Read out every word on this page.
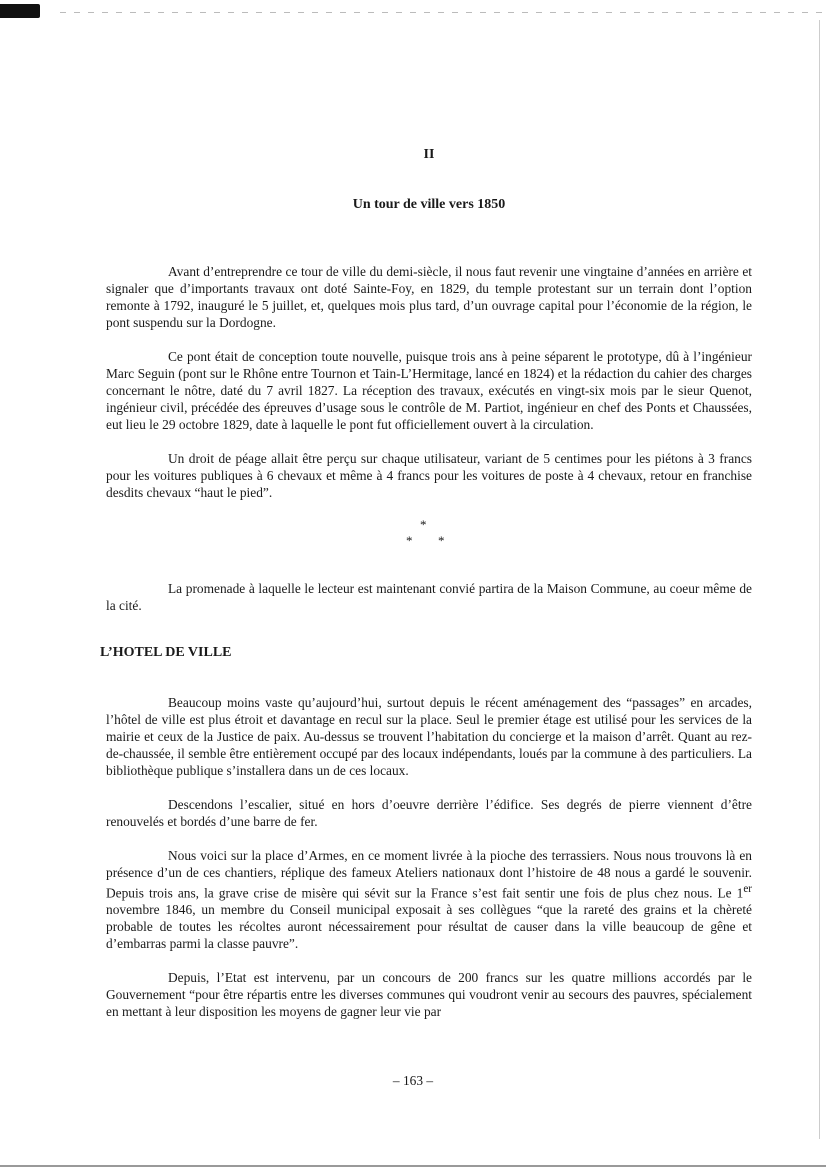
II
Un tour de ville vers 1850

Avant d’entreprendre ce tour de ville du demi-siècle, il nous faut revenir une vingtaine d’années en arrière et signaler que d’importants travaux ont doté Sainte-Foy, en 1829, du temple protestant sur un terrain dont l’option remonte à 1792, inauguré le 5 juillet, et, quelques mois plus tard, d’un ouvrage capital pour l’économie de la région, le pont suspendu sur la Dordogne.

Ce pont était de conception toute nouvelle, puisque trois ans à peine séparent le prototype, dû à l’ingénieur Marc Seguin (pont sur le Rhône entre Tournon et Tain-L’Hermitage, lancé en 1824) et la rédaction du cahier des charges concernant le nôtre, daté du 7 avril 1827. La réception des travaux, exécutés en vingt-six mois par le sieur Quenot, ingénieur civil, précédée des épreuves d’usage sous le contrôle de M. Partiot, ingénieur en chef des Ponts et Chaussées, eut lieu le 29 octobre 1829, date à laquelle le pont fut officiellement ouvert à la circulation.

Un droit de péage allait être perçu sur chaque utilisateur, variant de 5 centimes pour les piétons à 3 francs pour les voitures publiques à 6 chevaux et même à 4 francs pour les voitures de poste à 4 chevaux, retour en franchise desdits chevaux “haut le pied”.

*
* *

La promenade à laquelle le lecteur est maintenant convié partira de la Maison Commune, au coeur même de la cité.

L’HOTEL DE VILLE

Beaucoup moins vaste qu’aujourd’hui, surtout depuis le récent aménagement des “passages” en arcades, l’hôtel de ville est plus étroit et davantage en recul sur la place. Seul le premier étage est utilisé pour les services de la mairie et ceux de la Justice de paix. Au-dessus se trouvent l’habitation du concierge et la maison d’arrêt. Quant au rez-de-chaussée, il semble être entièrement occupé par des locaux indépendants, loués par la commune à des particuliers. La bibliothèque publique s’installera dans un de ces locaux.

Descendons l’escalier, situé en hors d’oeuvre derrière l’édifice. Ses degrés de pierre viennent d’être renouvelés et bordés d’une barre de fer.

Nous voici sur la place d’Armes, en ce moment livrée à la pioche des terrassiers. Nous nous trouvons là en présence d’un de ces chantiers, réplique des fameux Ateliers nationaux dont l’histoire de 48 nous a gardé le souvenir. Depuis trois ans, la grave crise de misère qui sévit sur la France s’est fait sentir une fois de plus chez nous. Le 1er novembre 1846, un membre du Conseil municipal exposait à ses collègues “que la rareté des grains et la chèreté probable de toutes les récoltes auront nécessairement pour résultat de causer dans la ville beaucoup de gêne et d’embarras parmi la classe pauvre”.

Depuis, l’Etat est intervenu, par un concours de 200 francs sur les quatre millions accordés par le Gouvernement “pour être répartis entre les diverses communes qui voudront venir au secours des pauvres, spécialement en mettant à leur disposition les moyens de gagner leur vie par

– 163 –
